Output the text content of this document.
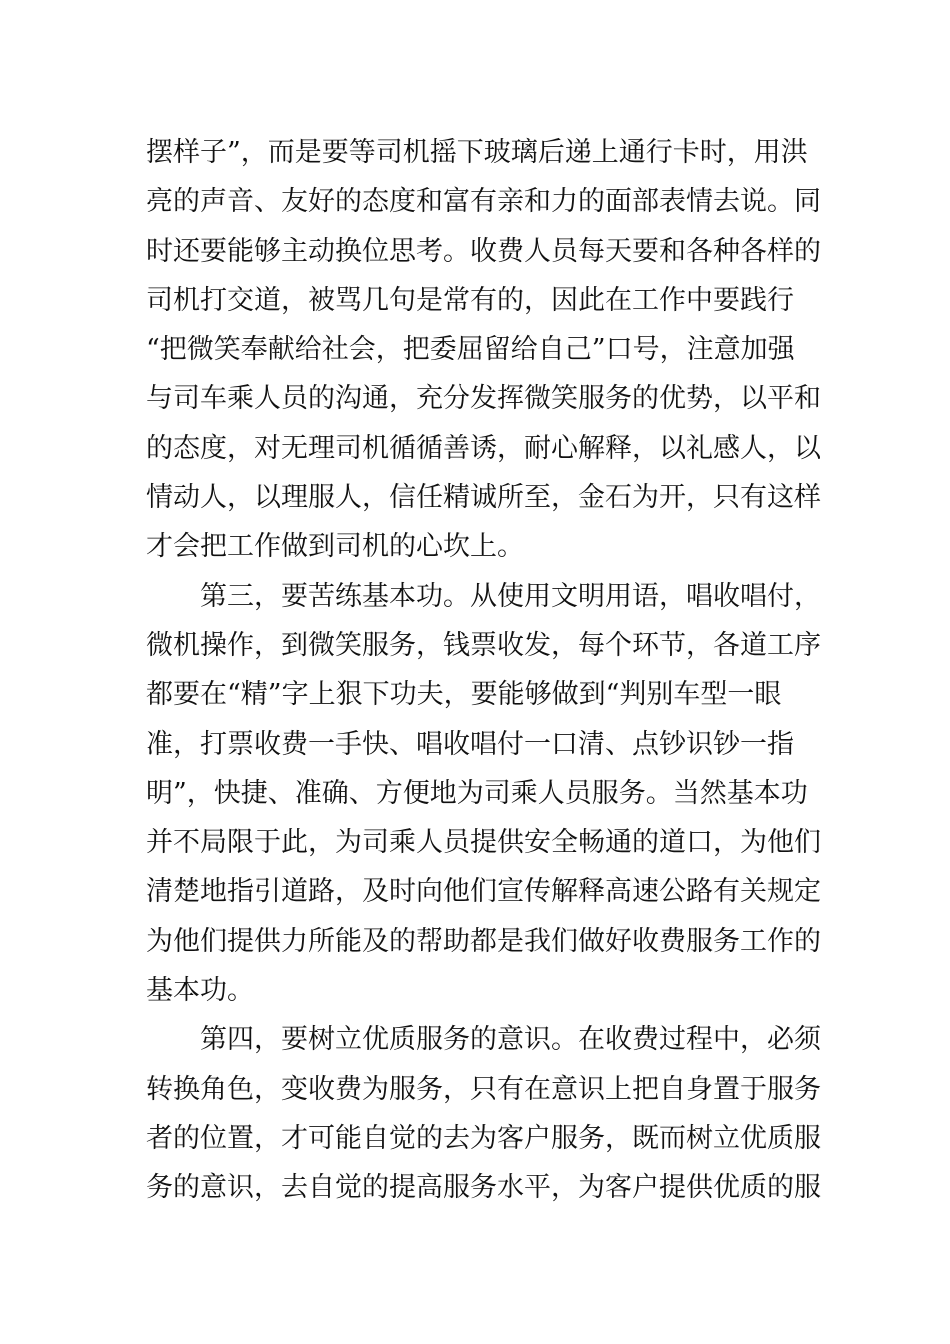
摆样子”，而是要等司机摇下玻璃后递上通行卡时，用洪
亮的声音、友好的态度和富有亲和力的面部表情去说。同
时还要能够主动换位思考。收费人员每天要和各种各样的
司机打交道，被骂几句是常有的，因此在工作中要践行
“把微笑奉献给社会，把委屈留给自己”口号，注意加强
与司车乘人员的沟通，充分发挥微笑服务的优势，以平和
的态度，对无理司机循循善诱，耐心解释，以礼感人，以
情动人，以理服人，信任精诚所至，金石为开，只有这样
才会把工作做到司机的心坎上。
第三，要苦练基本功。从使用文明用语，唱收唱付，
微机操作，到微笑服务，钱票收发，每个环节，各道工序
都要在“精”字上狠下功夫，要能够做到“判别车型一眼
准，打票收费一手快、唱收唱付一口清、点钞识钞一指
明”，快捷、准确、方便地为司乘人员服务。当然基本功
并不局限于此，为司乘人员提供安全畅通的道口，为他们
清楚地指引道路，及时向他们宣传解释高速公路有关规定
为他们提供力所能及的帮助都是我们做好收费服务工作的
基本功。
第四，要树立优质服务的意识。在收费过程中，必须
转换角色，变收费为服务，只有在意识上把自身置于服务
者的位置，才可能自觉的去为客户服务，既而树立优质服
务的意识，去自觉的提高服务水平，为客户提供优质的服
